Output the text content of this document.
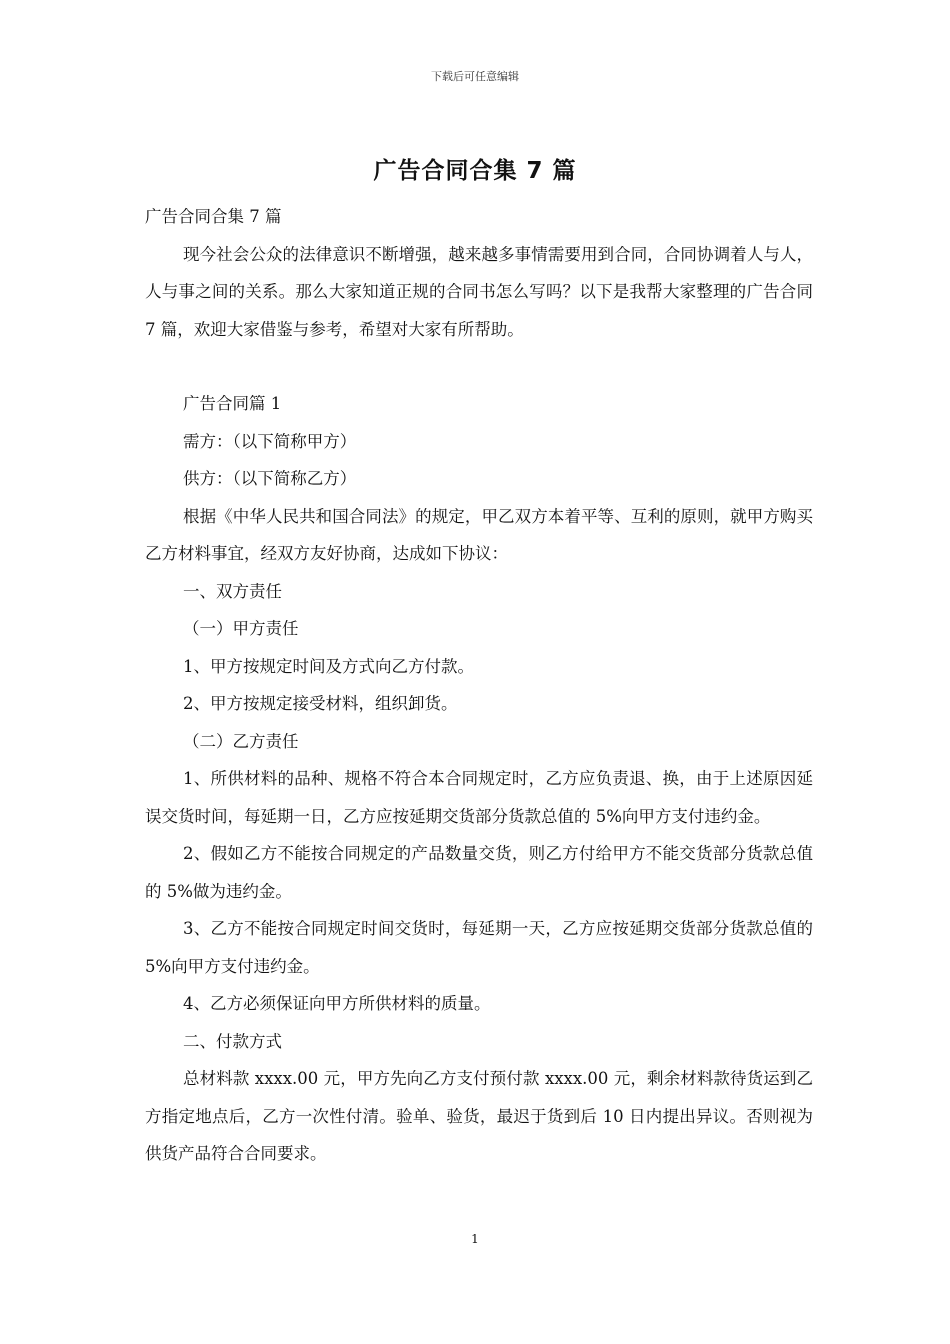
下载后可任意编辑
广告合同合集 7 篇

广告合同合集 7 篇

现今社会公众的法律意识不断增强，越来越多事情需要用到合同，合同协调着人与人，人与事之间的关系。那么大家知道正规的合同书怎么写吗？以下是我帮大家整理的广告合同 7 篇，欢迎大家借鉴与参考，希望对大家有所帮助。

广告合同篇 1

需方：（以下简称甲方）

供方：（以下简称乙方）

根据《中华人民共和国合同法》的规定，甲乙双方本着平等、互利的原则，就甲方购买乙方材料事宜，经双方友好协商，达成如下协议：

一、双方责任

（一）甲方责任

1、甲方按规定时间及方式向乙方付款。

2、甲方按规定接受材料，组织卸货。

（二）乙方责任

1、所供材料的品种、规格不符合本合同规定时，乙方应负责退、换，由于上述原因延误交货时间，每延期一日，乙方应按延期交货部分货款总值的 5%向甲方支付违约金。

2、假如乙方不能按合同规定的产品数量交货，则乙方付给甲方不能交货部分货款总值的 5%做为违约金。

3、乙方不能按合同规定时间交货时，每延期一天，乙方应按延期交货部分货款总值的 5%向甲方支付违约金。

4、乙方必须保证向甲方所供材料的质量。

二、付款方式

总材料款 xxxx.00 元，甲方先向乙方支付预付款 xxxx.00 元，剩余材料款待货运到乙方指定地点后，乙方一次性付清。验单、验货，最迟于货到后 10 日内提出异议。否则视为供货产品符合合同要求。

1
